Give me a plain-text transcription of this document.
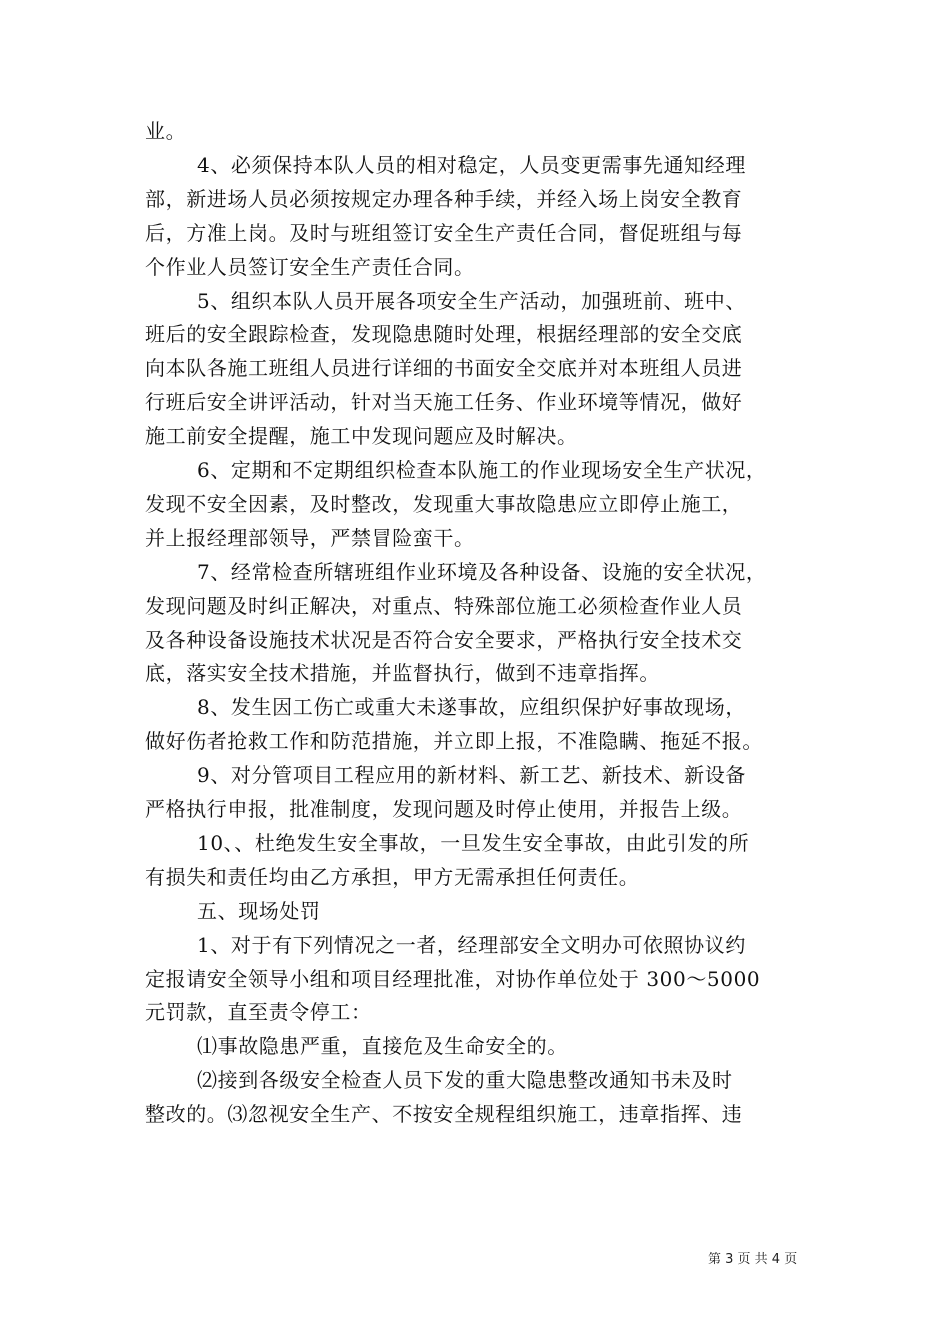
业。
4、必须保持本队人员的相对稳定，人员变更需事先通知经理
部，新进场人员必须按规定办理各种手续，并经入场上岗安全教育
后，方准上岗。及时与班组签订安全生产责任合同，督促班组与每
个作业人员签订安全生产责任合同。
5、组织本队人员开展各项安全生产活动，加强班前、班中、
班后的安全跟踪检查，发现隐患随时处理，根据经理部的安全交底
向本队各施工班组人员进行详细的书面安全交底并对本班组人员进
行班后安全讲评活动，针对当天施工任务、作业环境等情况，做好
施工前安全提醒，施工中发现问题应及时解决。
6、定期和不定期组织检查本队施工的作业现场安全生产状况，
发现不安全因素，及时整改，发现重大事故隐患应立即停止施工，
并上报经理部领导，严禁冒险蛮干。
7、经常检查所辖班组作业环境及各种设备、设施的安全状况，
发现问题及时纠正解决，对重点、特殊部位施工必须检查作业人员
及各种设备设施技术状况是否符合安全要求，严格执行安全技术交
底，落实安全技术措施，并监督执行，做到不违章指挥。
8、发生因工伤亡或重大未遂事故，应组织保护好事故现场，
做好伤者抢救工作和防范措施，并立即上报，不准隐瞒、拖延不报。
9、对分管项目工程应用的新材料、新工艺、新技术、新设备
严格执行申报，批准制度，发现问题及时停止使用，并报告上级。
10、、杜绝发生安全事故，一旦发生安全事故，由此引发的所
有损失和责任均由乙方承担，甲方无需承担任何责任。
五、现场处罚
1、对于有下列情况之一者，经理部安全文明办可依照协议约
定报请安全领导小组和项目经理批准，对协作单位处于 300～5000
元罚款，直至责令停工：
⑴事故隐患严重，直接危及生命安全的。
⑵接到各级安全检查人员下发的重大隐患整改通知书未及时
整改的。⑶忽视安全生产、不按安全规程组织施工，违章指挥、违
第 3 页 共 4 页
